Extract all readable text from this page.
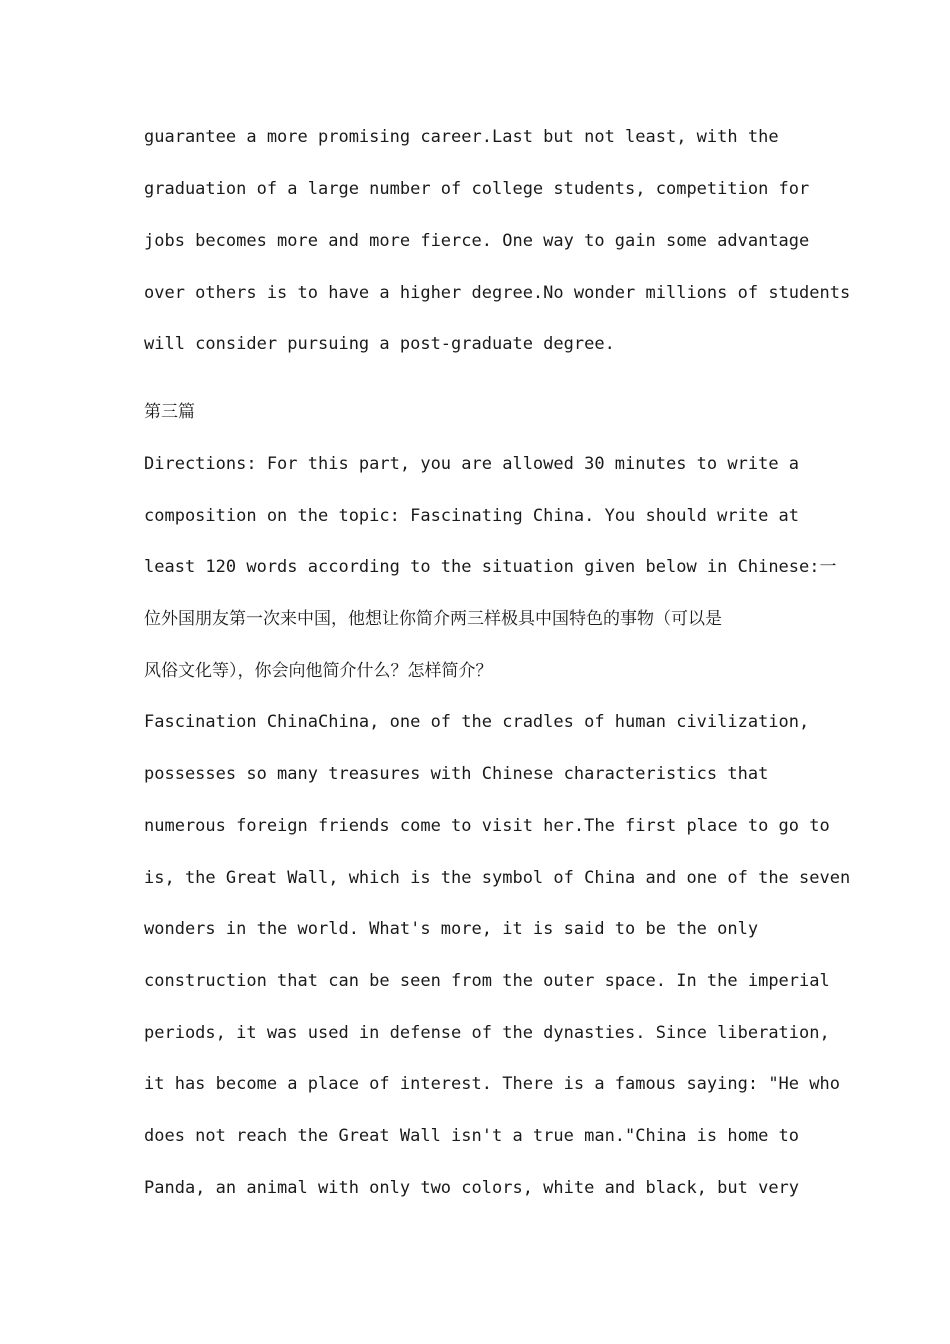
guarantee a more promising career.Last but not least, with the
graduation of a large number of college students, competition for
jobs becomes more and more fierce. One way to gain some advantage
over others is to have a higher degree.No wonder millions of students
will consider pursuing a post-graduate degree.
第三篇
Directions: For this part, you are allowed 30 minutes to write a
composition on the topic: Fascinating China. You should write at
least 120 words according to the situation given below in Chinese:一
位外国朋友第一次来中国，他想让你简介两三样极具中国特色的事物（可以是
风俗文化等），你会向他简介什么？怎样简介？
Fascination ChinaChina, one of the cradles of human civilization,
possesses so many treasures with Chinese characteristics that
numerous foreign friends come to visit her.The first place to go to
is, the Great Wall, which is the symbol of China and one of the seven
wonders in the world. What's more, it is said to be the only
construction that can be seen from the outer space. In the imperial
periods, it was used in defense of the dynasties. Since liberation,
it has become a place of interest. There is a famous saying: "He who
does not reach the Great Wall isn't a true man."China is home to
Panda, an animal with only two colors, white and black, but very
